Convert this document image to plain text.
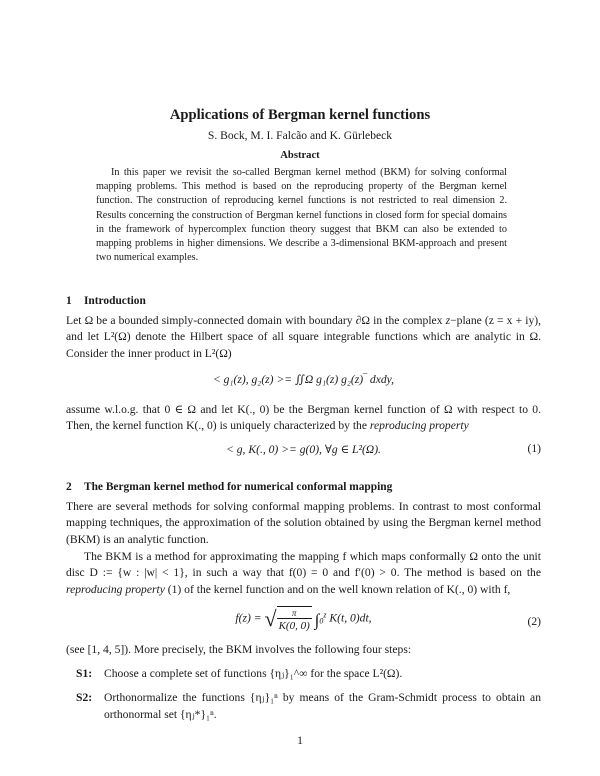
Applications of Bergman kernel functions
S. Bock, M. I. Falcão and K. Gürlebeck
Abstract
In this paper we revisit the so-called Bergman kernel method (BKM) for solving conformal mapping problems. This method is based on the reproducing property of the Bergman kernel function. The construction of reproducing kernel functions is not restricted to real dimension 2. Results concerning the construction of Bergman kernel functions in closed form for special domains in the framework of hypercomplex function theory suggest that BKM can also be extended to mapping problems in higher dimensions. We describe a 3-dimensional BKM-approach and present two numerical examples.
1 Introduction
Let Ω be a bounded simply-connected domain with boundary ∂Ω in the complex z−plane (z = x + iy), and let L²(Ω) denote the Hilbert space of all square integrable functions which are analytic in Ω. Consider the inner product in L²(Ω)
< g₁(z), g₂(z) >= ∬Ω g₁(z) g₂(z)‾ dxdy,
assume w.l.o.g. that 0 ∈ Ω and let K(., 0) be the Bergman kernel function of Ω with respect to 0. Then, the kernel function K(., 0) is uniquely characterized by the reproducing property
< g, K(., 0) >= g(0), ∀g ∈ L²(Ω).	(1)
2 The Bergman kernel method for numerical conformal mapping
There are several methods for solving conformal mapping problems. In contrast to most conformal mapping techniques, the approximation of the solution obtained by using the Bergman kernel method (BKM) is an analytic function.
The BKM is a method for approximating the mapping f which maps conformally Ω onto the unit disc D := {w : |w| < 1}, in such a way that f(0) = 0 and f′(0) > 0. The method is based on the reproducing property (1) of the kernel function and on the well known relation of K(., 0) with f,
f(z) = √ $\frac{\pi}{K(0, 0)} \int_0^z$ K(t, 0)dt,	(2)
(see [1, 4, 5]). More precisely, the BKM involves the following four steps:
S1: Choose a complete set of functions {ηⱼ}₁^∞ for the space L²(Ω).
S2: Orthonormalize the functions {ηⱼ}₁ⁿ by means of the Gram-Schmidt process to obtain an orthonormal set {ηⱼ*}₁ⁿ.
1
